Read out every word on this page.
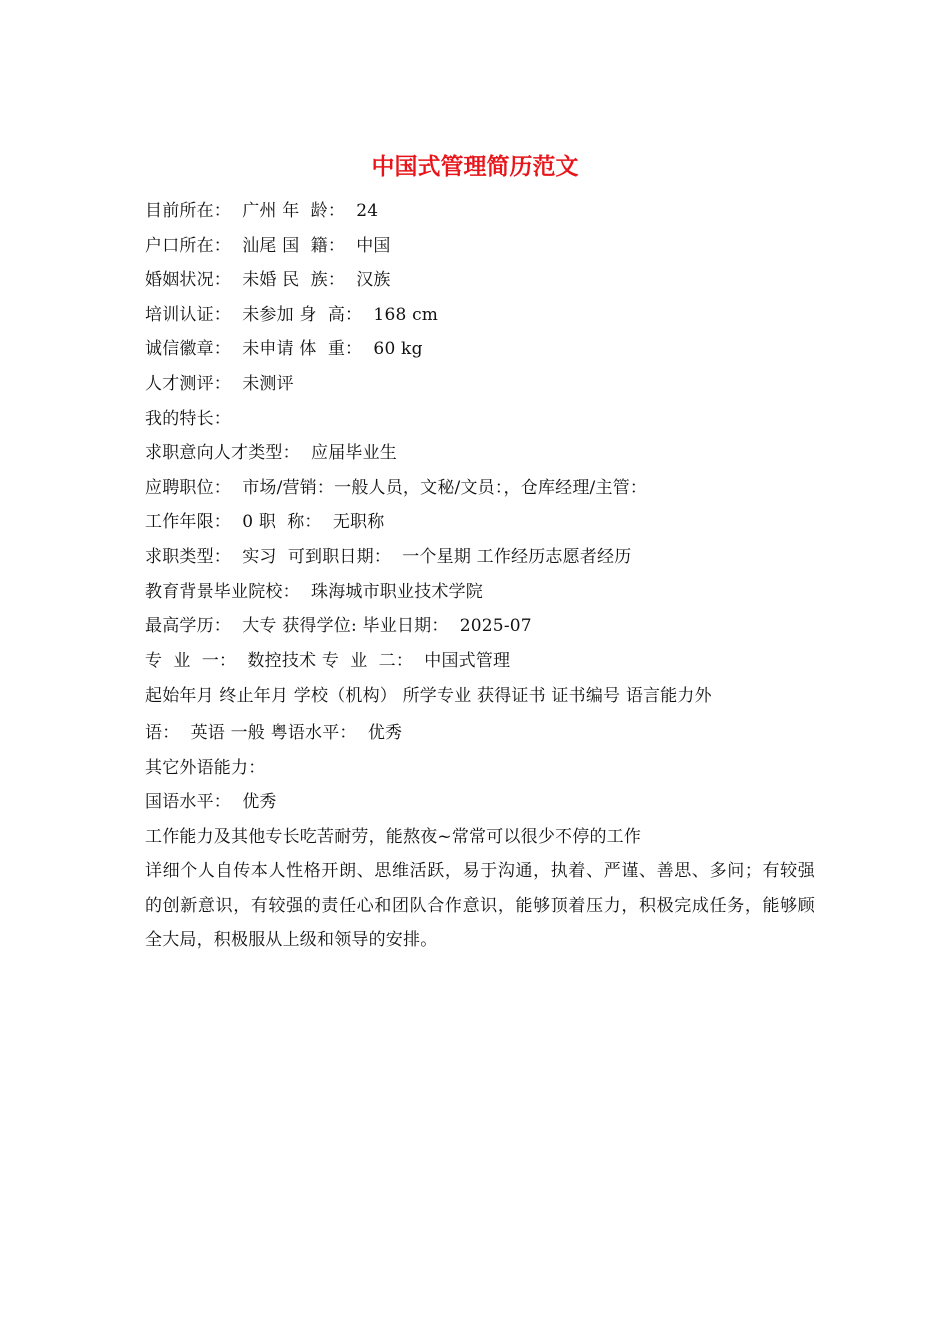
中国式管理简历范文
目前所在：  广州 年  龄：  24
户口所在：  汕尾 国  籍：  中国
婚姻状况：  未婚 民  族：  汉族
培训认证：  未参加 身  高：  168 cm
诚信徽章：  未申请 体  重：  60 kg
人才测评：  未测评
我的特长：
求职意向人才类型：  应届毕业生
应聘职位：  市场/营销：一般人员，文秘/文员：，仓库经理/主管：
工作年限：  0 职  称：  无职称
求职类型：  实习  可到职日期：  一个星期 工作经历志愿者经历
教育背景毕业院校：  珠海城市职业技术学院
最高学历：  大专 获得学位: 毕业日期：  2025-07
专  业  一：  数控技术 专  业  二：  中国式管理
起始年月 终止年月 学校（机构） 所学专业 获得证书 证书编号 语言能力外
语：  英语 一般 粤语水平：  优秀
其它外语能力：
国语水平：  优秀
工作能力及其他专长吃苦耐劳，能熬夜~常常可以很少不停的工作
详细个人自传本人性格开朗、思维活跃，易于沟通，执着、严谨、善思、多问；有较强的创新意识，有较强的责任心和团队合作意识，能够顶着压力，积极完成任务，能够顾全大局，积极服从上级和领导的安排。
